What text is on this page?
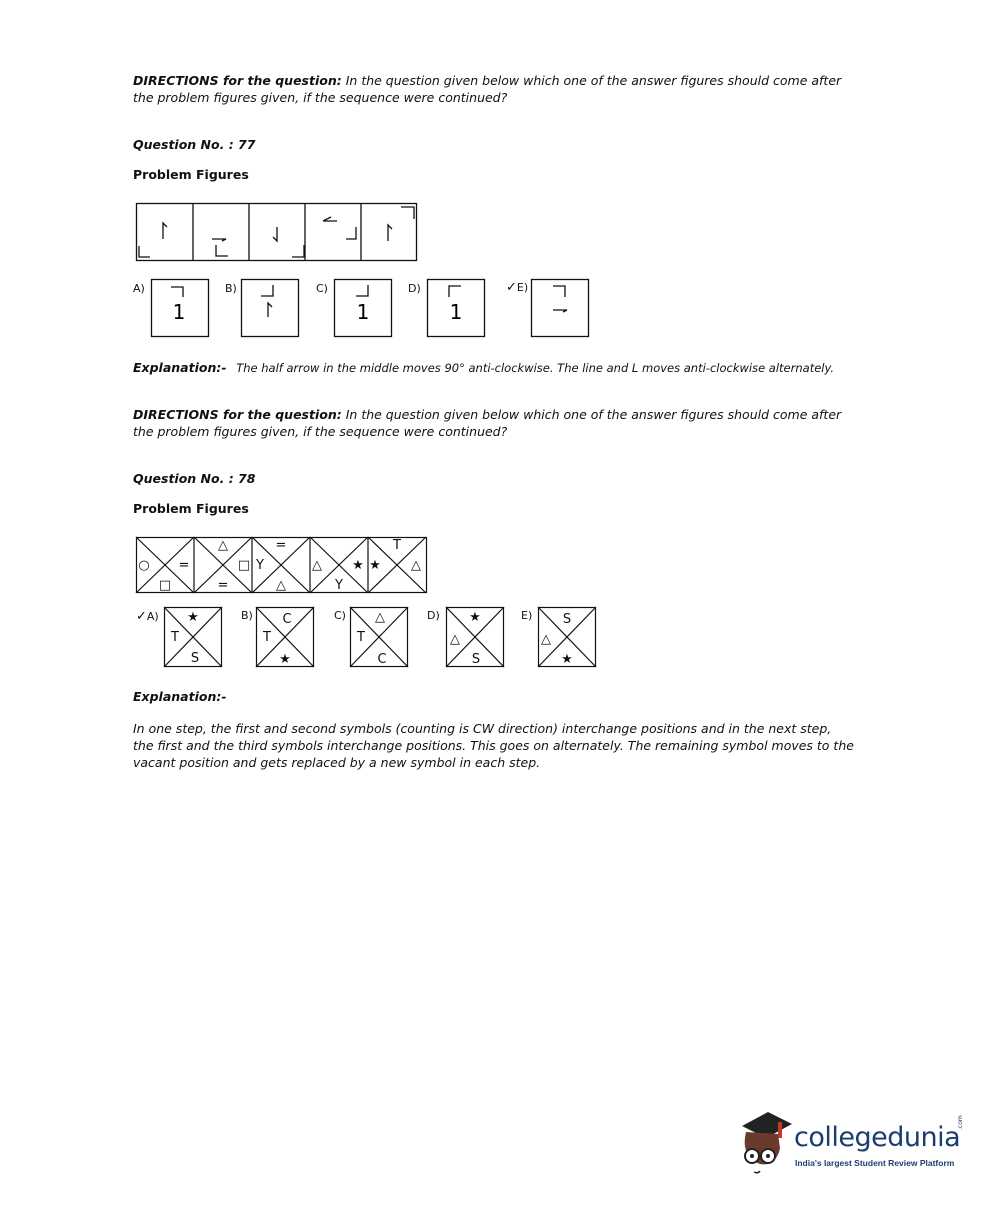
DIRECTIONS for the question: In the question given below which one of the answer figures should come after the problem figures given, if the sequence were continued?
Question No. : 77
Problem Figures
A)
1
B)	C)
1
D)
1
✓E)
Explanation:- The half arrow in the middle moves 90° anti-clockwise. The line and L moves anti-clockwise alternately.
DIRECTIONS for the question: In the question given below which one of the answer figures should come after the problem figures given, if the sequence were continued?
Question No. : 78
Problem Figures
○ =
□
△
□
=
Y
=
△
△ ★
Y
★
T
△
✓A) ★
T
S
B) C
T
★
C) △
T
C
D) ★
△
S
E) S
△
★
Explanation:-
In one step, the first and second symbols (counting is CW direction) interchange positions and in the next step, the first and the third symbols interchange positions. This goes on alternately. The remaining symbol moves to the vacant position and gets replaced by a new symbol in each step.
collegedunia
.com
India's largest Student Review Platform
